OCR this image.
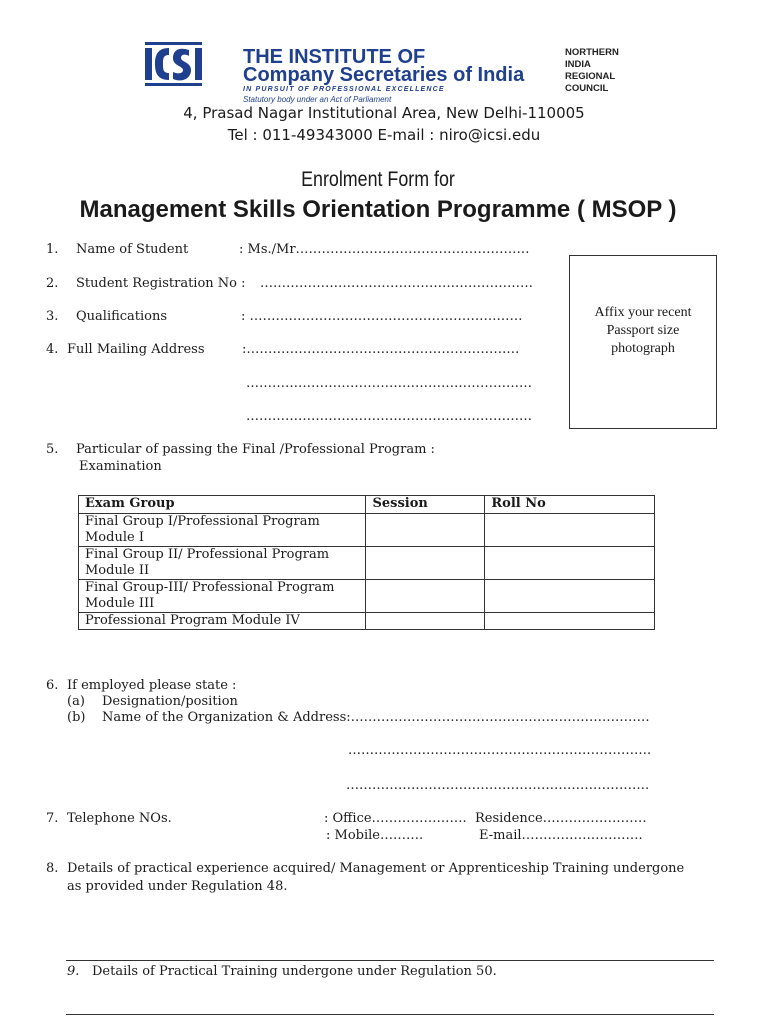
THE INSTITUTE OF
Company Secretaries of India
IN PURSUIT OF PROFESSIONAL EXCELLENCE
Statutory body under an Act of Parliament
NORTHERN
INDIA
REGIONAL
COUNCIL
4, Prasad Nagar Institutional Area, New Delhi-110005
Tel : 011-49343000 E-mail : niro@icsi.edu
Enrolment Form for
Management Skills Orientation Programme ( MSOP )
1. Name of Student	: Ms./Mr………………………………………………
2. Student Registration No : ………………………………………………………
3. Qualifications	: ………………………………………………………
4. Full Mailing Address	:………………………………………………………
…………………………………………………………
…………………………………………………………
Affix your recent Passport size photograph
5. Particular of passing the Final /Professional Program :
Examination
Exam Group	Session	Roll No
Final Group I/Professional Program Module I		
Final Group II/ Professional Program Module II		
Final Group-III/ Professional Program Module III		
Professional Program Module IV		
6. If employed please state :
(a) Designation/position
(b) Name of the Organization & Address:……………………………………………………………
…………………………………………………………….
…………………………………………………………….
7. Telephone NOs.	: Office…………………. Residence……………………
: Mobile……….	E-mail……………………….
8. Details of practical experience acquired/ Management or Apprenticeship Training undergone
as provided under Regulation 48.
9. Details of Practical Training undergone under Regulation 50.
